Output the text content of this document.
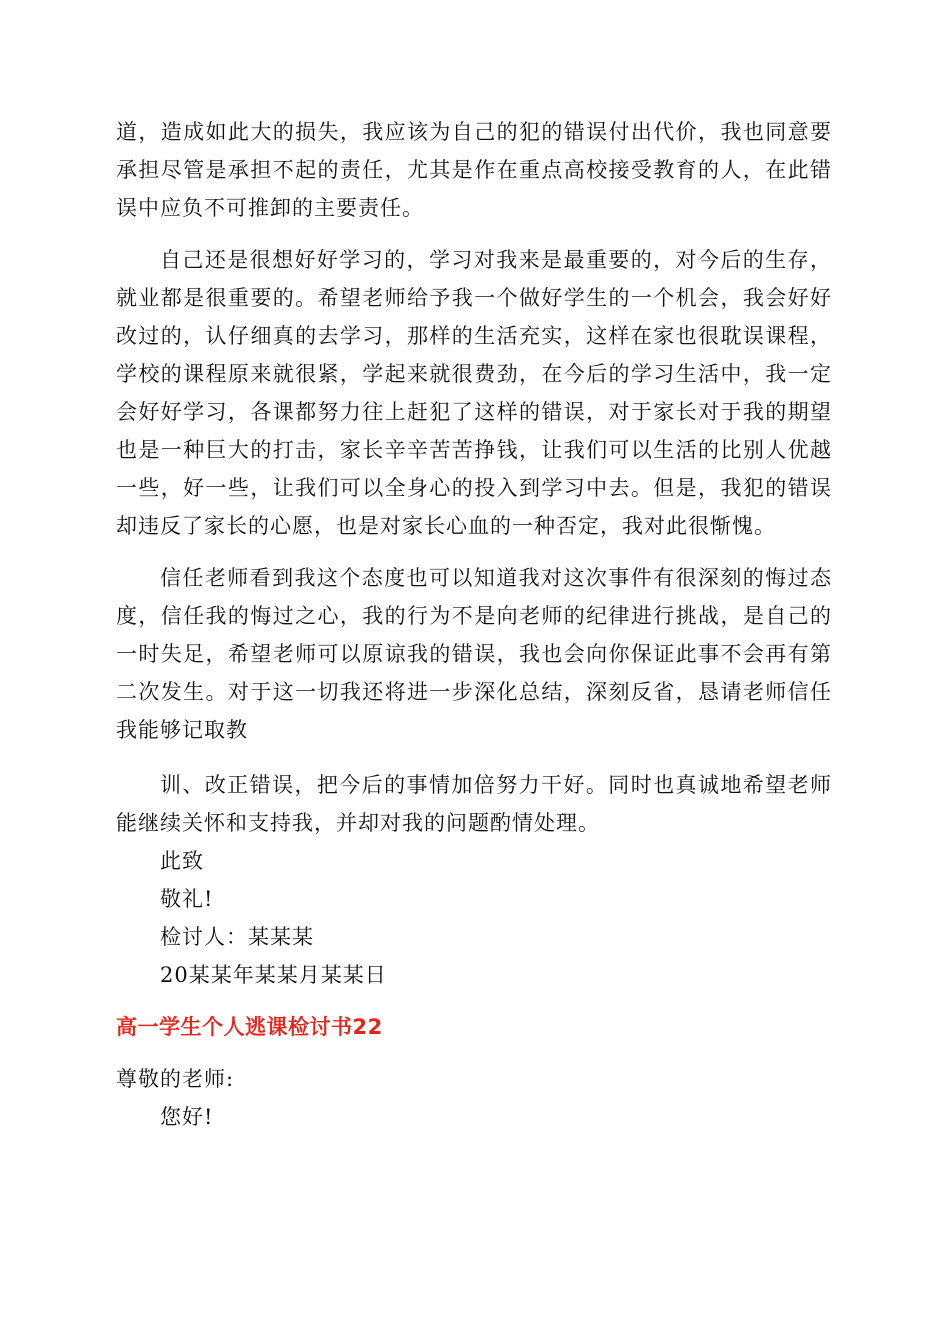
道，造成如此大的损失，我应该为自己的犯的错误付出代价，我也同意要承担尽管是承担不起的责任，尤其是作在重点高校接受教育的人，在此错误中应负不可推卸的主要责任。

自己还是很想好好学习的，学习对我来是最重要的，对今后的生存，就业都是很重要的。希望老师给予我一个做好学生的一个机会，我会好好改过的，认仔细真的去学习，那样的生活充实，这样在家也很耽误课程，学校的课程原来就很紧，学起来就很费劲，在今后的学习生活中，我一定会好好学习，各课都努力往上赶犯了这样的错误，对于家长对于我的期望也是一种巨大的打击，家长辛辛苦苦挣钱，让我们可以生活的比别人优越一些，好一些，让我们可以全身心的投入到学习中去。但是，我犯的错误却违反了家长的心愿，也是对家长心血的一种否定，我对此很惭愧。

信任老师看到我这个态度也可以知道我对这次事件有很深刻的悔过态度，信任我的悔过之心，我的行为不是向老师的纪律进行挑战，是自己的一时失足，希望老师可以原谅我的错误，我也会向你保证此事不会再有第二次发生。对于这一切我还将进一步深化总结，深刻反省，恳请老师信任我能够记取教

训、改正错误，把今后的事情加倍努力干好。同时也真诚地希望老师能继续关怀和支持我，并却对我的问题酌情处理。

此致

敬礼!

检讨人：某某某

20某某年某某月某某日

高一学生个人逃课检讨书22

尊敬的老师:

您好!
